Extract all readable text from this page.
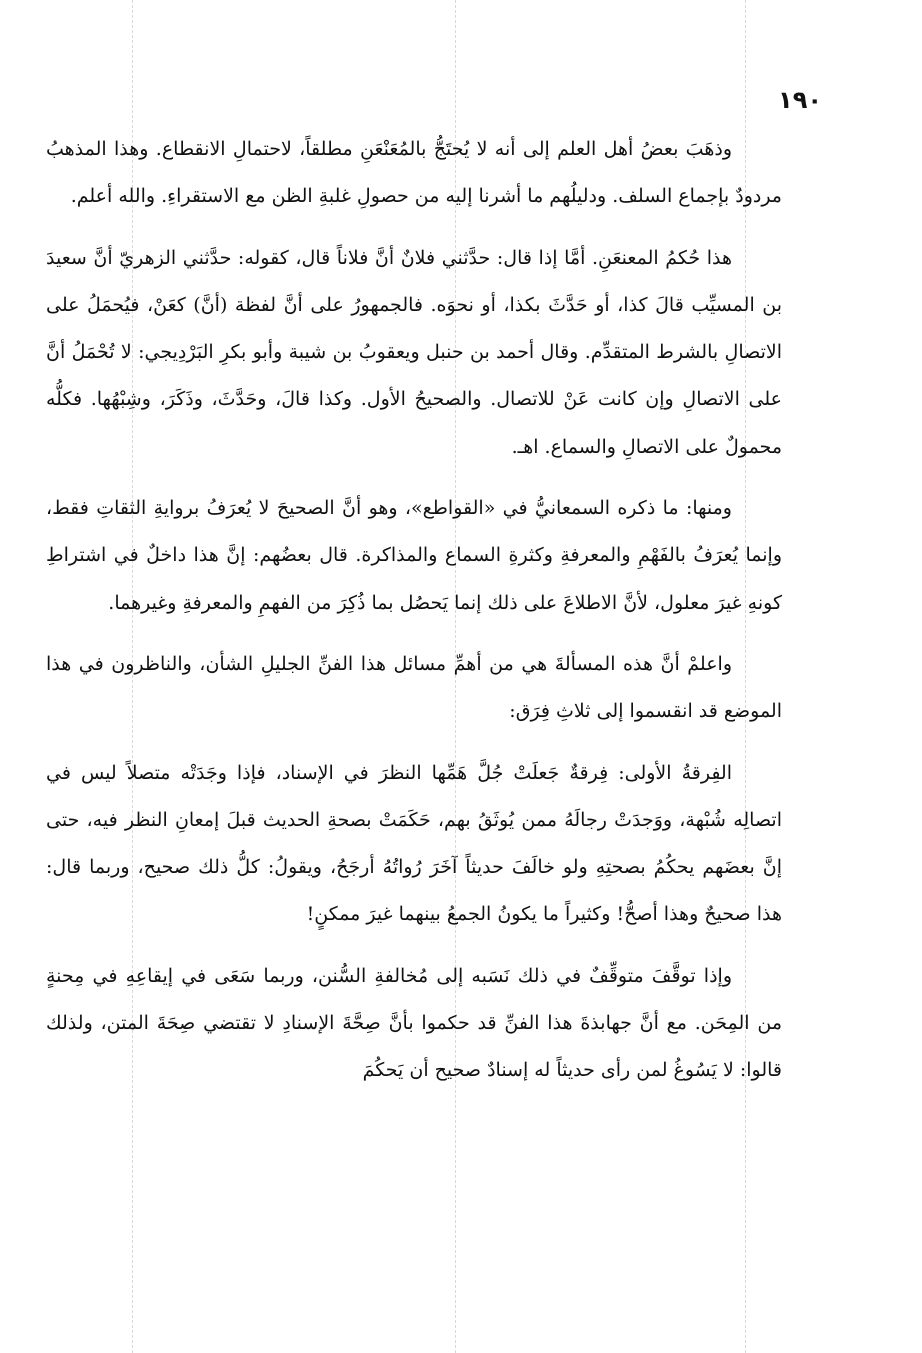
١٩٠

وذهَبَ بعضُ أهل العلم إلى أنه لا يُحتَجُّ بالمُعَنْعَنِ مطلقاً، لاحتمالِ الانقطاع. وهذا المذهبُ مردودٌ بإجماع السلف. ودليلُهم ما أشرنا إليه من حصولِ غلبةِ الظن مع الاستقراءِ. والله أعلم.

هذا حُكمُ المعنعَنِ. أمَّا إذا قال: حدَّثني فلانٌ أنَّ فلاناً قال، كقوله: حدَّثني الزهريّ أنَّ سعيدَ بن المسيِّب قالَ كذا، أو حَدَّثَ بكذا، أو نحوَه. فالجمهورُ على أنَّ لفظة (أنَّ) كعَنْ، فيُحمَلُ على الاتصالِ بالشرط المتقدِّم. وقال أحمد بن حنبل ويعقوبُ بن شيبة وأبو بكرِ البَرْدِيجي: لا تُحْمَلُ أنَّ على الاتصالِ وإن كانت عَنْ للاتصال. والصحيحُ الأول. وكذا قالَ، وحَدَّثَ، وذَكَرَ، وشِبْهُها. فكلُّه محمولٌ على الاتصالِ والسماع. اهـ.

ومنها: ما ذكره السمعانيُّ في «القواطع»، وهو أنَّ الصحيحَ لا يُعرَفُ بروايةِ الثقاتِ فقط، وإنما يُعرَفُ بالفَهْمِ والمعرفةِ وكثرةِ السماع والمذاكرة. قال بعضُهم: إنَّ هذا داخلٌ في اشتراطِ كونهِ غيرَ معلول، لأنَّ الاطلاعَ على ذلك إنما يَحصُل بما ذُكِرَ من الفهمِ والمعرفةِ وغيرهما.

واعلمْ أنَّ هذه المسألةَ هي من أهمِّ مسائل هذا الفنِّ الجليلِ الشأن، والناظرون في هذا الموضع قد انقسموا إلى ثلاثِ فِرَق:

الفِرقةُ الأولى: فِرقةٌ جَعلَتْ جُلَّ هَمِّها النظرَ في الإسناد، فإذا وجَدَتْه متصلاً ليس في اتصالِه شُبْهة، ووَجدَتْ رجالَهُ ممن يُوثَقُ بهم، حَكَمَتْ بصحةِ الحديث قبلَ إمعانِ النظر فيه، حتى إنَّ بعضَهم يحكُمُ بصحتِهِ ولو خالَفَ حديثاً آخَرَ رُواتُهُ أرجَحُ، ويقولُ: كلُّ ذلك صحيح، وربما قال: هذا صحيحٌ وهذا أصحُّ! وكثيراً ما يكونُ الجمعُ بينهما غيرَ ممكنٍ!

وإذا توقَّفَ متوقِّفٌ في ذلك نَسَبه إلى مُخالفةِ السُّنن، وربما سَعَى في إيقاعِهِ في مِحنةٍ من المِحَن. مع أنَّ جهابذةَ هذا الفنِّ قد حكموا بأنَّ صِحَّةَ الإسنادِ لا تقتضي صِحَةَ المتن، ولذلك قالوا: لا يَسُوغُ لمن رأى حديثاً له إسنادٌ صحيح أن يَحكُمَ
